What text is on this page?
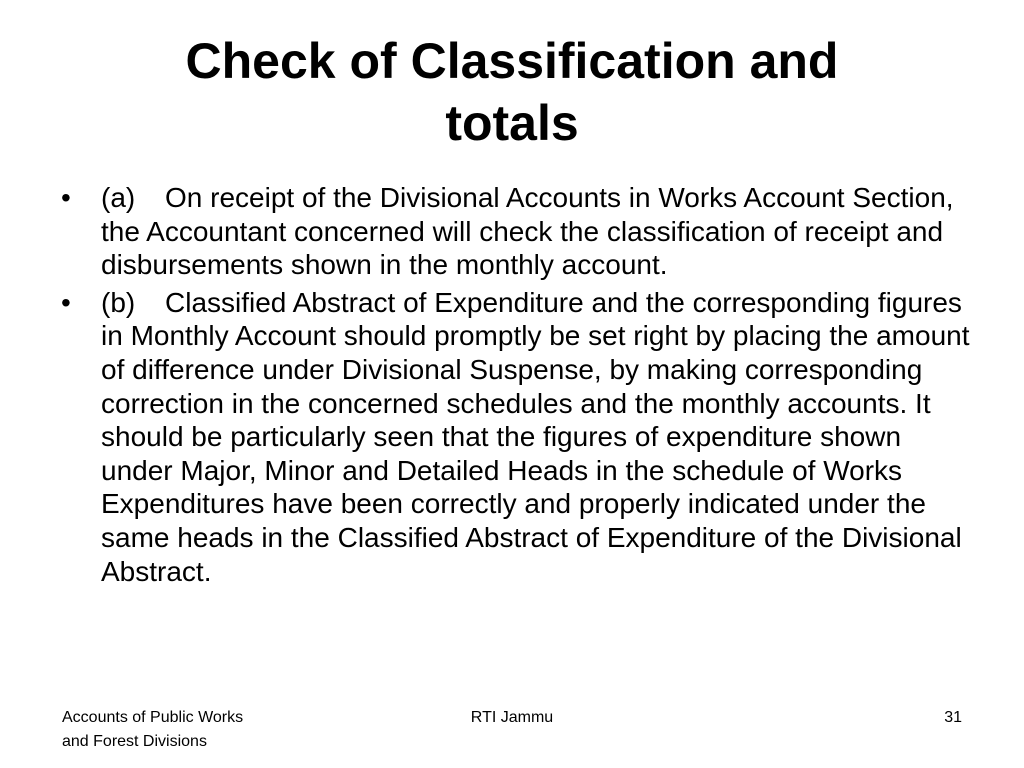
Check of Classification and
totals
• (a) On receipt of the Divisional Accounts in Works Account Section, the Accountant concerned will check the classification of receipt and disbursements shown in the monthly account.
• (b) Classified Abstract of Expenditure and the corresponding figures in Monthly Account should promptly be set right by placing the amount of difference under Divisional Suspense, by making corresponding correction in the concerned schedules and the monthly accounts. It should be particularly seen that the figures of expenditure shown under Major, Minor and Detailed Heads in the schedule of Works Expenditures have been correctly and properly indicated under the same heads in the Classified Abstract of Expenditure of the Divisional Abstract.
Accounts of Public Works and Forest Divisions
RTI Jammu	31
